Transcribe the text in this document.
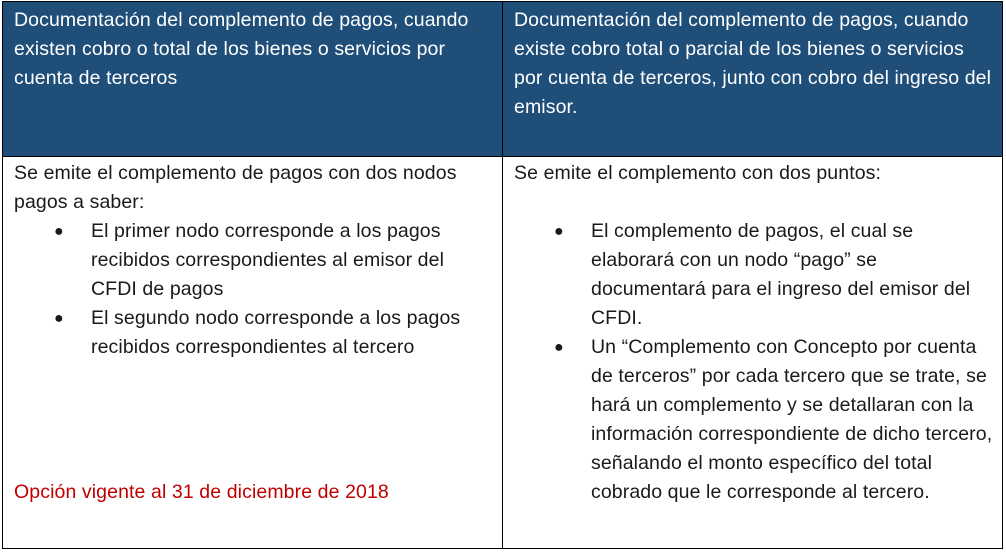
Documentación del complemento de pagos, cuando existen cobro o total de los bienes o servicios por cuenta de terceros
Documentación del complemento de pagos, cuando existe cobro total o parcial de los bienes o servicios por cuenta de terceros, junto con cobro del ingreso del emisor.
Se emite el complemento de pagos con dos nodos pagos a saber:
● El primer nodo corresponde a los pagos recibidos correspondientes al emisor del CFDI de pagos
● El segundo nodo corresponde a los pagos recibidos correspondientes al tercero
Opción vigente al 31 de diciembre de 2018
Se emite el complemento con dos puntos:
● El complemento de pagos, el cual se elaborará con un nodo “pago” se documentará para el ingreso del emisor del CFDI.
● Un “Complemento con Concepto por cuenta de terceros” por cada tercero que se trate, se hará un complemento y se detallaran con la información correspondiente de dicho tercero, señalando el monto específico del total cobrado que le corresponde al tercero.
